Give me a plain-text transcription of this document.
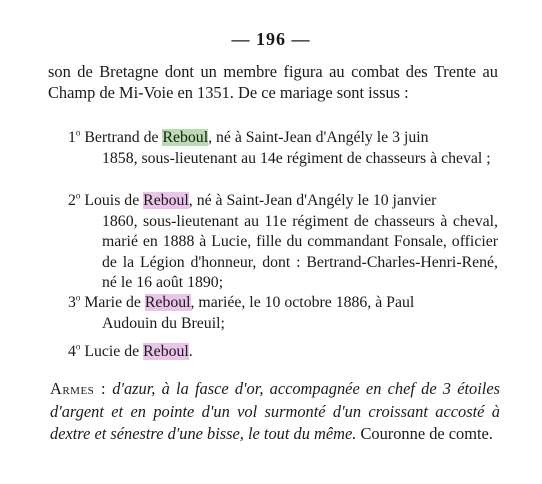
— 196 —

son de Bretagne dont un membre figura au combat des Trente au Champ de Mi-Voie en 1351. De ce mariage sont issus :

1$^o$ Bertrand de Reboul, né à Saint-Jean d'Angély le 3 juin
1858, sous-lieutenant au 14e régiment de chasseurs à cheval ;
2$^o$ Louis de Reboul, né à Saint-Jean d'Angély le 10 janvier
1860, sous-lieutenant au 11e régiment de chasseurs à cheval, marié en 1888 à Lucie, fille du commandant Fonsale, officier de la Légion d'honneur, dont : Bertrand-Charles-Henri-René, né le 16 août 1890;
3$^o$ Marie de Reboul, mariée, le 10 octobre 1886, à Paul
Audouin du Breuil;
4$^o$ Lucie de Reboul.

Armes : d'azur, à la fasce d'or, accompagnée en chef de 3 étoiles d'argent et en pointe d'un vol surmonté d'un croissant accosté à dextre et sénestre d'une bisse, le tout du même. Couronne de comte.
